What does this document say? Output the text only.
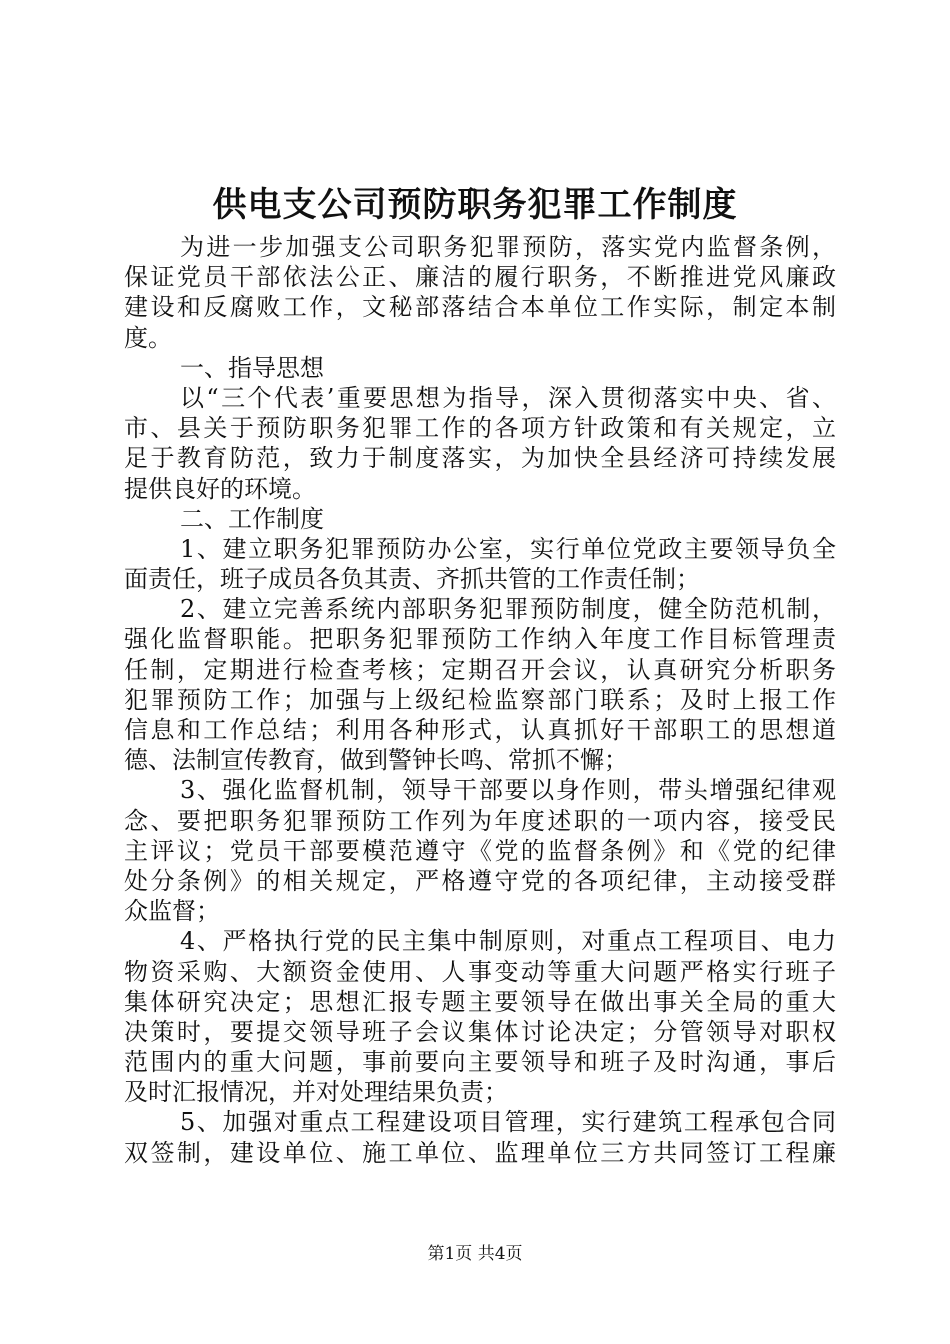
供电支公司预防职务犯罪工作制度
为进一步加强支公司职务犯罪预防，落实党内监督条例，
保证党员干部依法公正、廉洁的履行职务，不断推进党风廉政
建设和反腐败工作，文秘部落结合本单位工作实际，制定本制
度。
一、指导思想
以“三个代表’重要思想为指导，深入贯彻落实中央、省、
市、县关于预防职务犯罪工作的各项方针政策和有关规定，立
足于教育防范，致力于制度落实，为加快全县经济可持续发展
提供良好的环境。
二、工作制度
1、建立职务犯罪预防办公室，实行单位党政主要领导负全
面责任，班子成员各负其责、齐抓共管的工作责任制；
2、建立完善系统内部职务犯罪预防制度，健全防范机制，
强化监督职能。把职务犯罪预防工作纳入年度工作目标管理责
任制，定期进行检查考核；定期召开会议，认真研究分析职务
犯罪预防工作；加强与上级纪检监察部门联系；及时上报工作
信息和工作总结；利用各种形式，认真抓好干部职工的思想道
德、法制宣传教育，做到警钟长鸣、常抓不懈；
3、强化监督机制，领导干部要以身作则，带头增强纪律观
念、要把职务犯罪预防工作列为年度述职的一项内容，接受民
主评议；党员干部要模范遵守《党的监督条例》和《党的纪律
处分条例》的相关规定，严格遵守党的各项纪律，主动接受群
众监督；
4、严格执行党的民主集中制原则，对重点工程项目、电力
物资采购、大额资金使用、人事变动等重大问题严格实行班子
集体研究决定；思想汇报专题主要领导在做出事关全局的重大
决策时，要提交领导班子会议集体讨论决定；分管领导对职权
范围内的重大问题，事前要向主要领导和班子及时沟通，事后
及时汇报情况，并对处理结果负责；
5、加强对重点工程建设项目管理，实行建筑工程承包合同
双签制，建设单位、施工单位、监理单位三方共同签订工程廉
第1页 共4页
